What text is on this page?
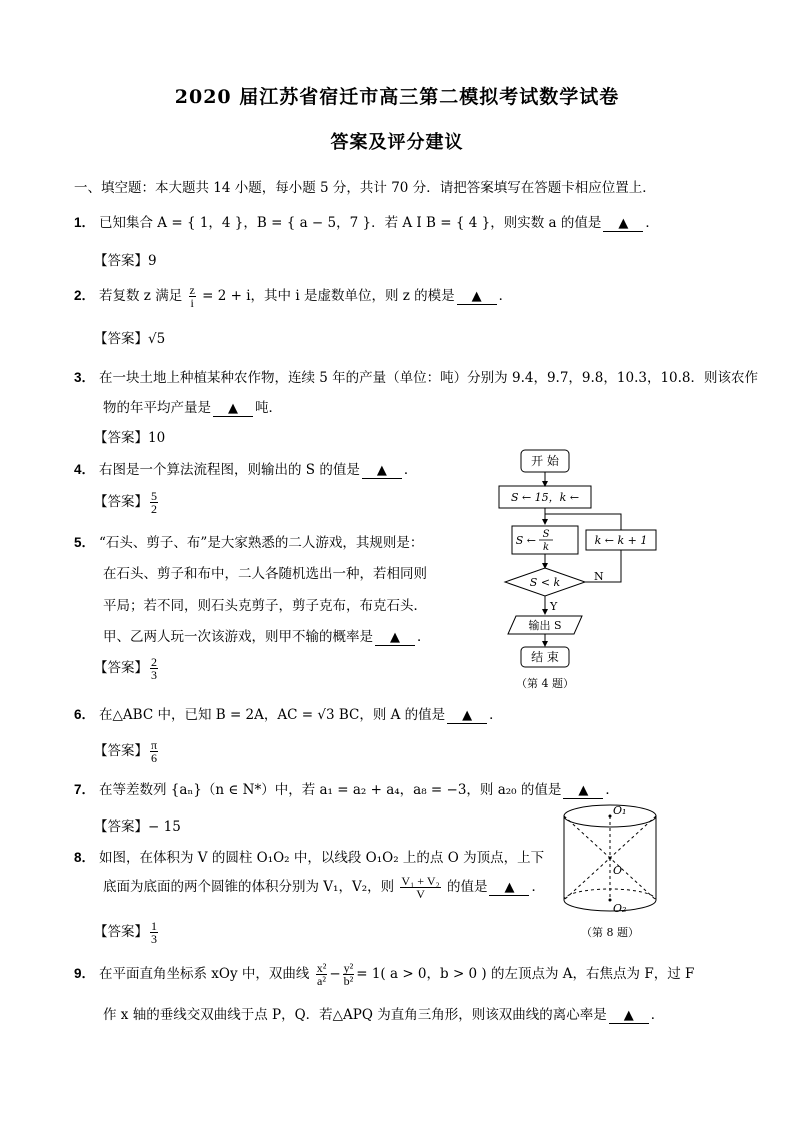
2020 届江苏省宿迁市高三第二模拟考试数学试卷
答案及评分建议
一、填空题：本大题共 14 小题，每小题 5 分，共计 70 分．请把答案填写在答题卡相应位置上．
1． 已知集合 A = { 1，4 }，B = { a − 5，7 }．若 A I B = { 4 }，则实数 a 的值是 ▲ ．
【答案】9
2． 若复数 z 满足 $\frac{z}{i} = 2 + i$，其中 i 是虚数单位，则 z 的模是 ▲ ．
【答案】√5
3． 在一块土地上种植某种农作物，连续 5 年的产量（单位：吨）分别为 9.4，9.7，9.8，10.3，10.8．则该农作
物的年平均产量是 ▲ 吨．
【答案】10
4． 右图是一个算法流程图，则输出的 S 的值是 ▲ ．
【答案】 $\frac{5}{2}$
5． “石头、剪子、布”是大家熟悉的二人游戏，其规则是：
在石头、剪子和布中，二人各随机选出一种，若相同则
平局；若不同，则石头克剪子，剪子克布，布克石头．
甲、乙两人玩一次该游戏，则甲不输的概率是 ▲ ．
【答案】 $\frac{2}{3}$
开 始
S ← 15，k ←
S ← S
k
k ← k + 1
S < k	N
Y
输出 S
结 束
（第 4 题）
6． 在△ABC 中，已知 B = 2A，AC = √3 BC，则 A 的值是 ▲ ．
【答案】 $\frac{\pi}{6}$
7． 在等差数列 {aₙ}（n ∈ N*）中，若 a₁ = a₂ + a₄，a₈ = −3，则 a₂₀ 的值是 ▲ ．
【答案】− 15
8． 如图，在体积为 V 的圆柱 O₁O₂ 中，以线段 O₁O₂ 上的点 O 为顶点，上下
底面为底面的两个圆锥的体积分别为 V₁，V₂，则 $\frac{\text{V₁ + V₂}}{V}$ 的值是 ▲ ．
【答案】 $\frac{1}{3}$
O₁
O
O₂
（第 8 题）
9． 在平面直角坐标系 xOy 中，双曲线 $\frac{\text{x²}}{\text{a²}} - \frac{\text{y²}}{\text{b²}} = 1$( a > 0，b > 0 ) 的左顶点为 A，右焦点为 F，过 F
作 x 轴的垂线交双曲线于点 P，Q．若△APQ 为直角三角形，则该双曲线的离心率是 ▲ ．
